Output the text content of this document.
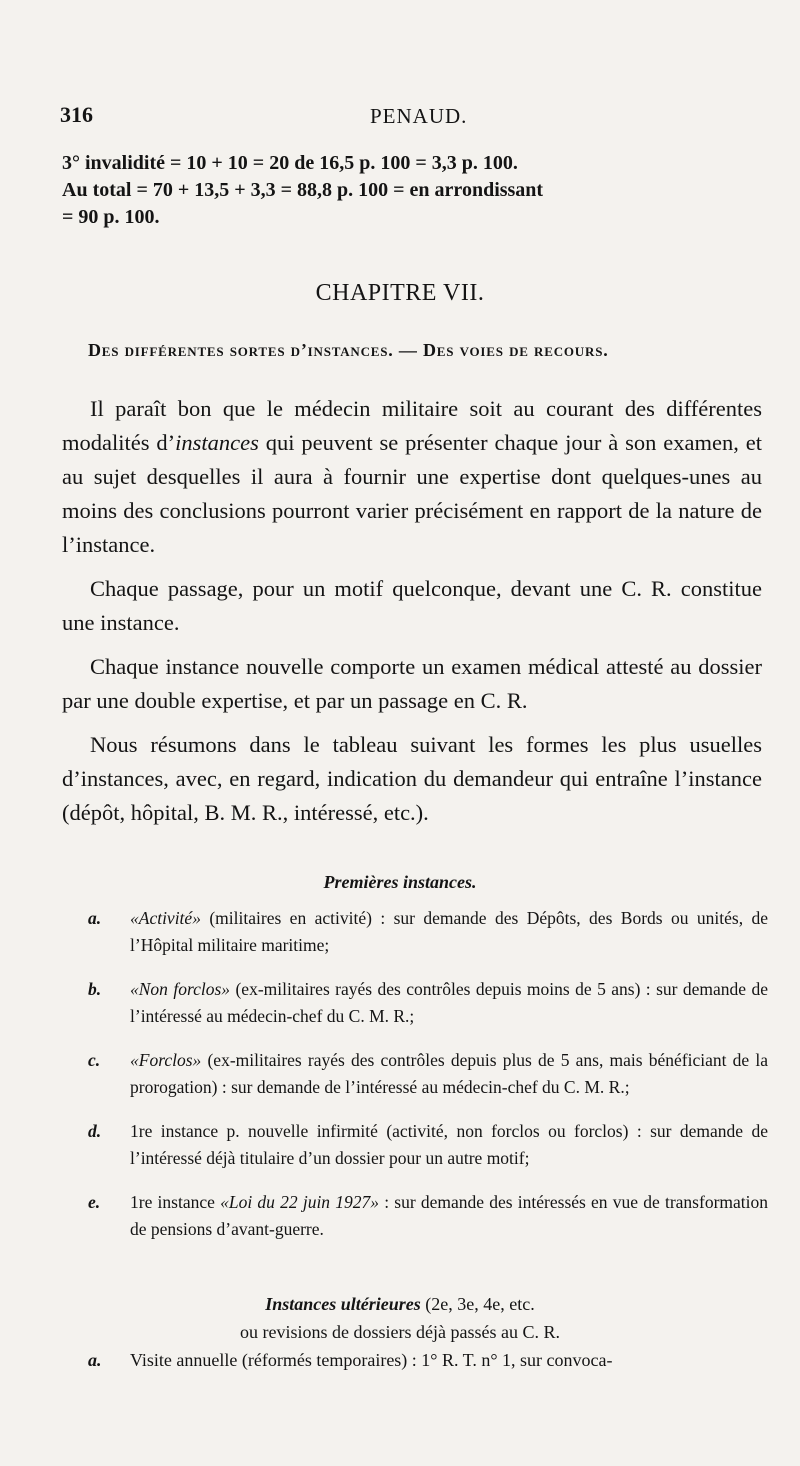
316	PENAUD.
3° invalidité = 10 + 10 = 20 de 16,5 p. 100 = 3,3 p. 100.
Au total = 70 + 13,5 + 3,3 = 88,8 p. 100 = en arrondissant
= 90 p. 100.
CHAPITRE VII.
Des différentes sortes d’instances. — Des voies de recours.

Il paraît bon que le médecin militaire soit au courant des différentes modalités d’instances qui peuvent se présenter chaque jour à son examen, et au sujet desquelles il aura à fournir une expertise dont quelques-unes au moins des conclusions pourront varier précisément en rapport de la nature de l’instance.

Chaque passage, pour un motif quelconque, devant une C. R. constitue une instance.

Chaque instance nouvelle comporte un examen médical attesté au dossier par une double expertise, et par un passage en C. R.

Nous résumons dans le tableau suivant les formes les plus usuelles d’instances, avec, en regard, indication du demandeur qui entraîne l’instance (dépôt, hôpital, B. M. R., intéressé, etc.).

Premières instances.
a. «Activité» (militaires en activité) : sur demande des Dépôts, des Bords ou unités, de l’Hôpital militaire maritime;
b. «Non forclos» (ex-militaires rayés des contrôles depuis moins de 5 ans) : sur demande de l’intéressé au médecin-chef du C. M. R.;
c. «Forclos» (ex-militaires rayés des contrôles depuis plus de 5 ans, mais bénéficiant de la prorogation) : sur demande de l’intéressé au médecin-chef du C. M. R.;
d. 1re instance p. nouvelle infirmité (activité, non forclos ou forclos) : sur demande de l’intéressé déjà titulaire d’un dossier pour un autre motif;
e. 1re instance «Loi du 22 juin 1927» : sur demande des intéressés en vue de transformation de pensions d’avant-guerre.
Instances ultérieures (2e, 3e, 4e, etc.
ou revisions de dossiers déjà passés au C. R.
a. Visite annuelle (réformés temporaires) : 1° R. T. n° 1, sur convoca-
